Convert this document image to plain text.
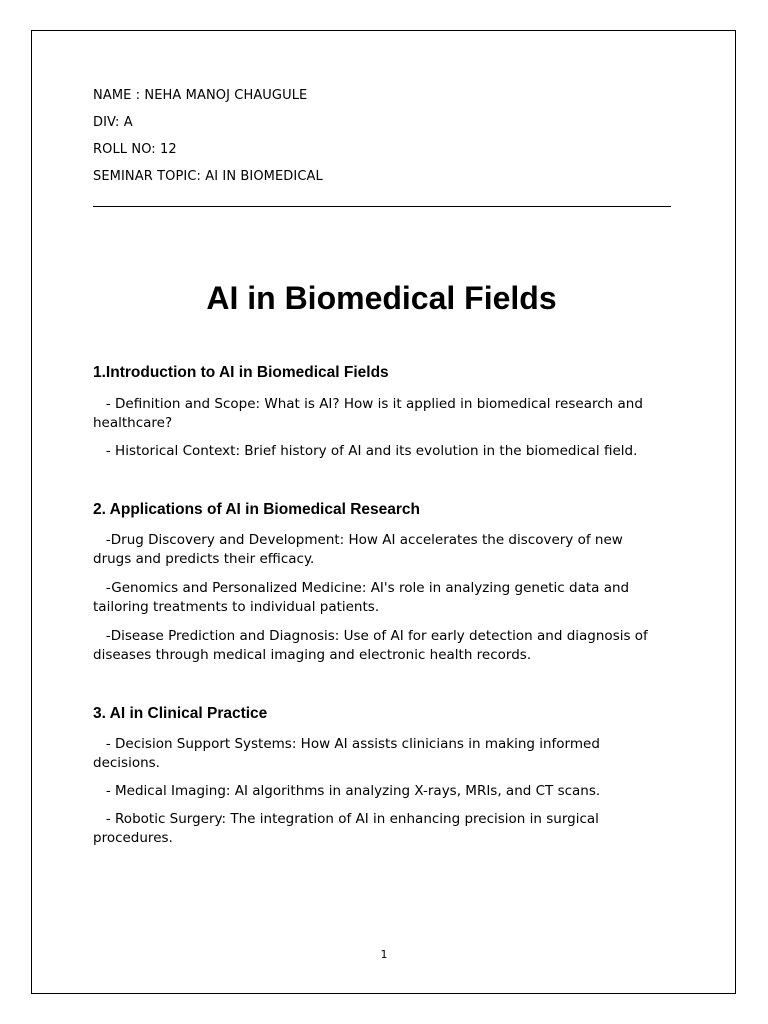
NAME : NEHA MANOJ CHAUGULE
DIV: A
ROLL NO: 12
SEMINAR TOPIC: AI IN BIOMEDICAL
AI in Biomedical Fields
1.Introduction to AI in Biomedical Fields
- Definition and Scope: What is AI? How is it applied in biomedical research and healthcare?
- Historical Context: Brief history of AI and its evolution in the biomedical field.
2. Applications of AI in Biomedical Research
-Drug Discovery and Development: How AI accelerates the discovery of new drugs and predicts their efficacy.
-Genomics and Personalized Medicine: AI's role in analyzing genetic data and tailoring treatments to individual patients.
-Disease Prediction and Diagnosis: Use of AI for early detection and diagnosis of diseases through medical imaging and electronic health records.
3. AI in Clinical Practice
- Decision Support Systems: How AI assists clinicians in making informed decisions.
- Medical Imaging: AI algorithms in analyzing X-rays, MRIs, and CT scans.
- Robotic Surgery: The integration of AI in enhancing precision in surgical procedures.
1
